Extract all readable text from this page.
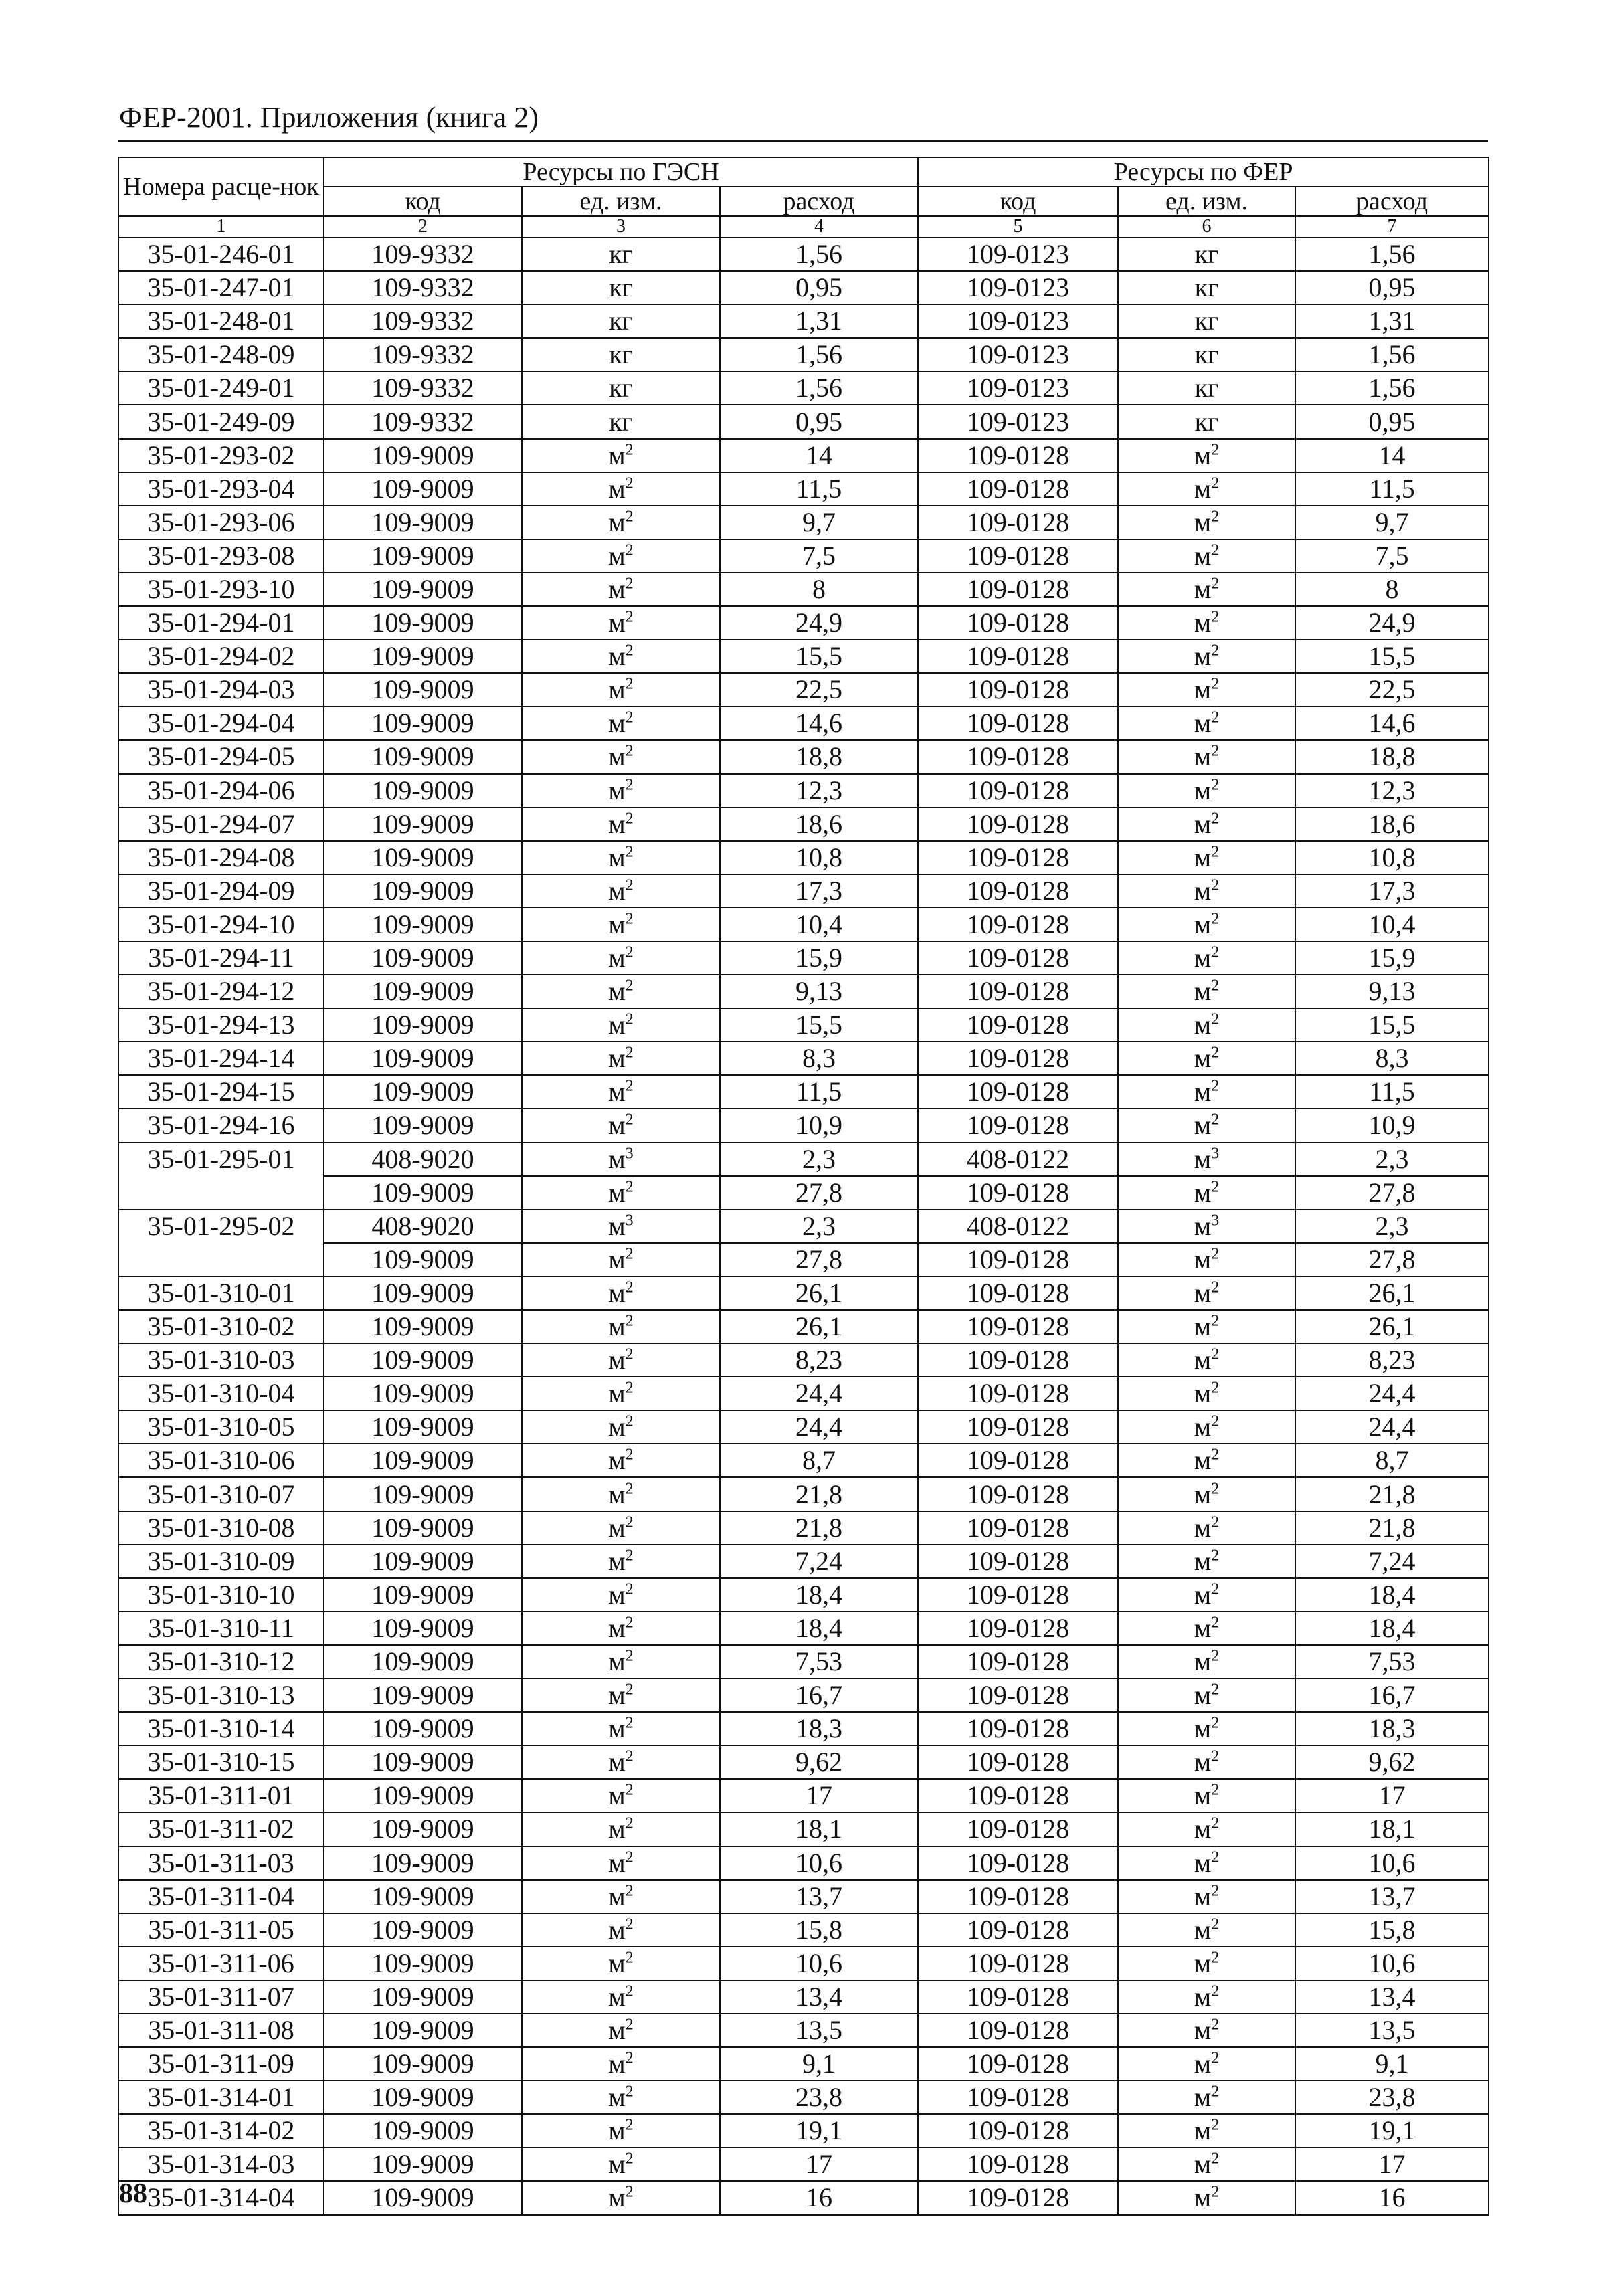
ФЕР-2001. Приложения (книга 2)
Номера расце-нок	Ресурсы по ГЭСН			Ресурсы по ФЕР		
	код	ед. изм.	расход	код	ед. изм.	расход
1	2	3	4	5	6	7
35-01-246-01	109-9332	кг	1,56	109-0123	кг	1,56
35-01-247-01	109-9332	кг	0,95	109-0123	кг	0,95
35-01-248-01	109-9332	кг	1,31	109-0123	кг	1,31
35-01-248-09	109-9332	кг	1,56	109-0123	кг	1,56
35-01-249-01	109-9332	кг	1,56	109-0123	кг	1,56
35-01-249-09	109-9332	кг	0,95	109-0123	кг	0,95
35-01-293-02	109-9009	$м^2$	14	109-0128	$м^2$	14
35-01-293-04	109-9009	$м^2$	11,5	109-0128	$м^2$	11,5
35-01-293-06	109-9009	$м^2$	9,7	109-0128	$м^2$	9,7
35-01-293-08	109-9009	$м^2$	7,5	109-0128	$м^2$	7,5
35-01-293-10	109-9009	$м^2$	8	109-0128	$м^2$	8
35-01-294-01	109-9009	$м^2$	24,9	109-0128	$м^2$	24,9
35-01-294-02	109-9009	$м^2$	15,5	109-0128	$м^2$	15,5
35-01-294-03	109-9009	$м^2$	22,5	109-0128	$м^2$	22,5
35-01-294-04	109-9009	$м^2$	14,6	109-0128	$м^2$	14,6
35-01-294-05	109-9009	$м^2$	18,8	109-0128	$м^2$	18,8
35-01-294-06	109-9009	$м^2$	12,3	109-0128	$м^2$	12,3
35-01-294-07	109-9009	$м^2$	18,6	109-0128	$м^2$	18,6
35-01-294-08	109-9009	$м^2$	10,8	109-0128	$м^2$	10,8
35-01-294-09	109-9009	$м^2$	17,3	109-0128	$м^2$	17,3
35-01-294-10	109-9009	$м^2$	10,4	109-0128	$м^2$	10,4
35-01-294-11	109-9009	$м^2$	15,9	109-0128	$м^2$	15,9
35-01-294-12	109-9009	$м^2$	9,13	109-0128	$м^2$	9,13
35-01-294-13	109-9009	$м^2$	15,5	109-0128	$м^2$	15,5
35-01-294-14	109-9009	$м^2$	8,3	109-0128	$м^2$	8,3
35-01-294-15	109-9009	$м^2$	11,5	109-0128	$м^2$	11,5
35-01-294-16	109-9009	$м^2$	10,9	109-0128	$м^2$	10,9
35-01-295-01	408-9020	$м^3$	2,3	408-0122	$м^3$	2,3
	109-9009	$м^2$	27,8	109-0128	$м^2$	27,8
35-01-295-02	408-9020	$м^3$	2,3	408-0122	$м^3$	2,3
	109-9009	$м^2$	27,8	109-0128	$м^2$	27,8
35-01-310-01	109-9009	$м^2$	26,1	109-0128	$м^2$	26,1
35-01-310-02	109-9009	$м^2$	26,1	109-0128	$м^2$	26,1
35-01-310-03	109-9009	$м^2$	8,23	109-0128	$м^2$	8,23
35-01-310-04	109-9009	$м^2$	24,4	109-0128	$м^2$	24,4
35-01-310-05	109-9009	$м^2$	24,4	109-0128	$м^2$	24,4
35-01-310-06	109-9009	$м^2$	8,7	109-0128	$м^2$	8,7
35-01-310-07	109-9009	$м^2$	21,8	109-0128	$м^2$	21,8
35-01-310-08	109-9009	$м^2$	21,8	109-0128	$м^2$	21,8
35-01-310-09	109-9009	$м^2$	7,24	109-0128	$м^2$	7,24
35-01-310-10	109-9009	$м^2$	18,4	109-0128	$м^2$	18,4
35-01-310-11	109-9009	$м^2$	18,4	109-0128	$м^2$	18,4
35-01-310-12	109-9009	$м^2$	7,53	109-0128	$м^2$	7,53
35-01-310-13	109-9009	$м^2$	16,7	109-0128	$м^2$	16,7
35-01-310-14	109-9009	$м^2$	18,3	109-0128	$м^2$	18,3
35-01-310-15	109-9009	$м^2$	9,62	109-0128	$м^2$	9,62
35-01-311-01	109-9009	$м^2$	17	109-0128	$м^2$	17
35-01-311-02	109-9009	$м^2$	18,1	109-0128	$м^2$	18,1
35-01-311-03	109-9009	$м^2$	10,6	109-0128	$м^2$	10,6
35-01-311-04	109-9009	$м^2$	13,7	109-0128	$м^2$	13,7
35-01-311-05	109-9009	$м^2$	15,8	109-0128	$м^2$	15,8
35-01-311-06	109-9009	$м^2$	10,6	109-0128	$м^2$	10,6
35-01-311-07	109-9009	$м^2$	13,4	109-0128	$м^2$	13,4
35-01-311-08	109-9009	$м^2$	13,5	109-0128	$м^2$	13,5
35-01-311-09	109-9009	$м^2$	9,1	109-0128	$м^2$	9,1
35-01-314-01	109-9009	$м^2$	23,8	109-0128	$м^2$	23,8
35-01-314-02	109-9009	$м^2$	19,1	109-0128	$м^2$	19,1
35-01-314-03	109-9009	$м^2$	17	109-0128	$м^2$	17
35-01-314-04	109-9009	$м^2$	16	109-0128	$м^2$	16
88
